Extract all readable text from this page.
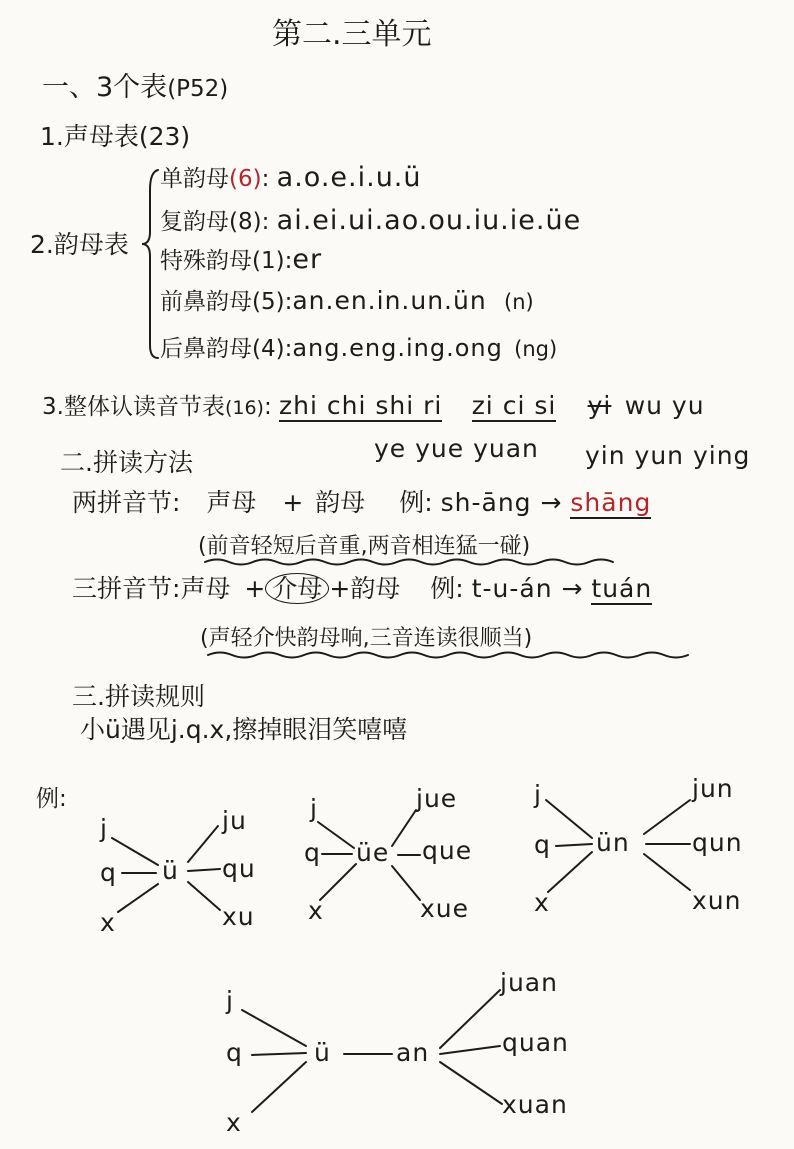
第二.三单元
一、3个表(P52)
1.声母表(23)
2.韵母表
单韵母(6): a.o.e.i.u.ü
复韵母(8): ai.ei.ui.ao.ou.iu.ie.üe
特殊韵母(1):er
前鼻韵母(5):an.en.in.un.ün (n)
后鼻韵母(4):ang.eng.ing.ong (ng)
3.整体认读音节表(16): zhi chi shi ri zi ci si yi wu yu
ye yue yuan yin yun ying
二.拼读方法
两拼音节: 声母 + 韵母 例: sh-āng → shāng
(前音轻短后音重,两音相连猛一碰)
三拼音节:声母 + 介母 +韵母 例: t-u-án → tuán
(声轻介快韵母响,三音连读很顺当)
三.拼读规则
小ü遇见j.q.x,擦掉眼泪笑嘻嘻
例:
j
q
x
ü
ju
qu
xu
j
q
x
üe
jue
que
xue
j
q
x
ün
jun
qun
xun
j
q
x
ü	an
juan
quan
xuan
